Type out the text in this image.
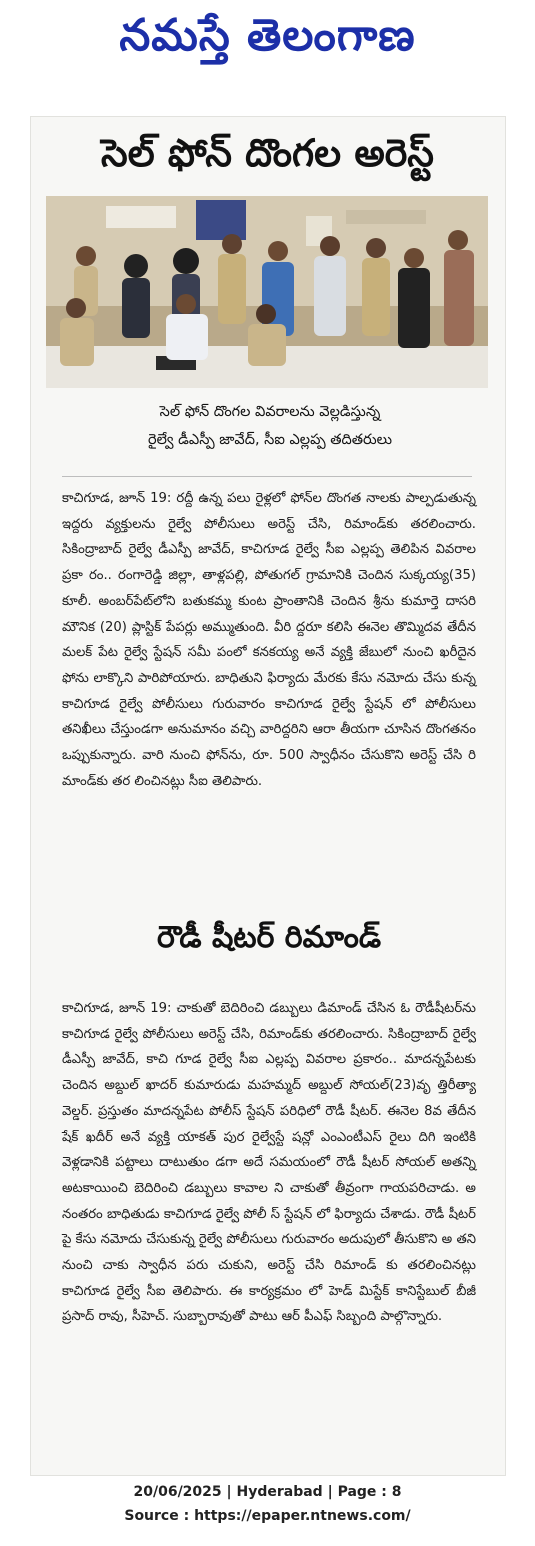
నమస్తే తెలంగాణ
సెల్ ఫోన్ దొంగల అరెస్ట్
సెల్ ఫోన్ దొంగల వివరాలను వెల్లడిస్తున్న
రైల్వే డీఎస్పీ జావేద్, సీఐ ఎల్లప్ప తదితరులు

కాచిగూడ, జూన్ 19: రద్దీ ఉన్న పలు రైళ్లలో ఫోన్‌ల దొంగత నాలకు పాల్పడుతున్న ఇద్దరు వ్యక్తులను రైల్వే పోలీసులు అరెస్ట్ చేసి, రిమాండ్‌కు తరలించారు. సికింద్రాబాద్ రైల్వే డీఎస్పీ జావేద్, కాచిగూడ రైల్వే సీఐ ఎల్లప్ప తెలిపిన వివరాల ప్రకా రం.. రంగారెడ్డి జిల్లా, తాళ్లపల్లి, పోతుగల్ గ్రామానికి చెందిన సుక్కయ్య(35) కూలీ. అంబర్‌పేట్‌లోని బతుకమ్మ కుంట ప్రాంతానికి చెందిన శ్రీను కుమార్తె దాసరి మౌనిక (20) ప్లాస్టిక్ పేపర్లు అమ్ముతుంది. వీరి ద్దరూ కలిసి ఈనెల తొమ్మిదవ తేదీన మలక్ పేట రైల్వే స్టేషన్ సమీ పంలో కనకయ్య అనే వ్యక్తి జేబులో నుంచి ఖరీదైన ఫోను లాక్కొని పారిపోయారు. బాధితుని ఫిర్యాదు మేరకు కేసు నమోదు చేసు కున్న కాచిగూడ రైల్వే పోలీసులు గురువారం కాచిగూడ రైల్వే స్టేషన్ లో పోలీసులు తనిఖీలు చేస్తుండగా అనుమానం వచ్చి వారిద్దరిని ఆరా తీయగా చూసిన దొంగతనం ఒప్పుకున్నారు. వారి నుంచి ఫోన్‌ను, రూ. 500 స్వాధీనం చేసుకొని అరెస్ట్ చేసి రి మాండ్‌కు తర లించినట్లు సీఐ తెలిపారు.

రౌడీ షీటర్ రిమాండ్

కాచిగూడ, జూన్ 19: చాకుతో బెదిరించి డబ్బులు డిమాండ్ చేసిన ఓ రౌడీషీటర్‌ను కాచిగూడ రైల్వే పోలీసులు అరెస్ట్ చేసి, రిమాండ్‌కు తరలించారు. సికింద్రాబాద్ రైల్వే డీఎస్పీ జావేద్, కాచి గూడ రైల్వే సీఐ ఎల్లప్ప వివరాల ప్రకారం.. మాదన్నపేటకు చెందిన అబ్దుల్ ఖాదర్ కుమారుడు మహమ్మద్ అబ్దుల్ సోయల్(23)వృ త్తిరీత్యా వెల్డర్. ప్రస్తుతం మాదన్నపేట పోలీస్ స్టేషన్ పరిధిలో రౌడీ షీటర్. ఈనెల 8వ తేదీన షేక్ ఖదీర్ అనే వ్యక్తి యాకత్ పుర రైల్వేస్టే షన్లో ఎంఎంటీఎస్ రైలు దిగి ఇంటికి వెళ్లడానికి పట్టాలు దాటుతుం డగా అదే సమయంలో రౌడీ షీటర్ సోయల్ అతన్ని అటకాయించి బెదిరించి డబ్బులు కావాల ని చాకుతో తీవ్రంగా గాయపరిచాడు. అ నంతరం బాధితుడు కాచిగూడ రైల్వే పోలీ స్ స్టేషన్ లో ఫిర్యాదు చేశాడు. రౌడీ షీటర్ పై కేసు నమోదు చేసుకున్న రైల్వే పోలీసులు గురువారం అదుపులో తీసుకొని అ తని నుంచి చాకు స్వాధీన పరు చుకుని, అరెస్ట్ చేసి రిమాండ్ కు తరలించినట్లు కాచిగూడ రైల్వే సీఐ తెలిపారు. ఈ కార్యక్రమం లో హెడ్ మిస్టేక్ కానిస్టేబుల్ బీజీ ప్రసాద్ రావు, సీహెచ్. సుబ్బారావుతో పాటు ఆర్ పీఎఫ్ సిబ్బంది పాల్గొన్నారు.

20/06/2025 | Hyderabad | Page : 8
Source : https://epaper.ntnews.com/
